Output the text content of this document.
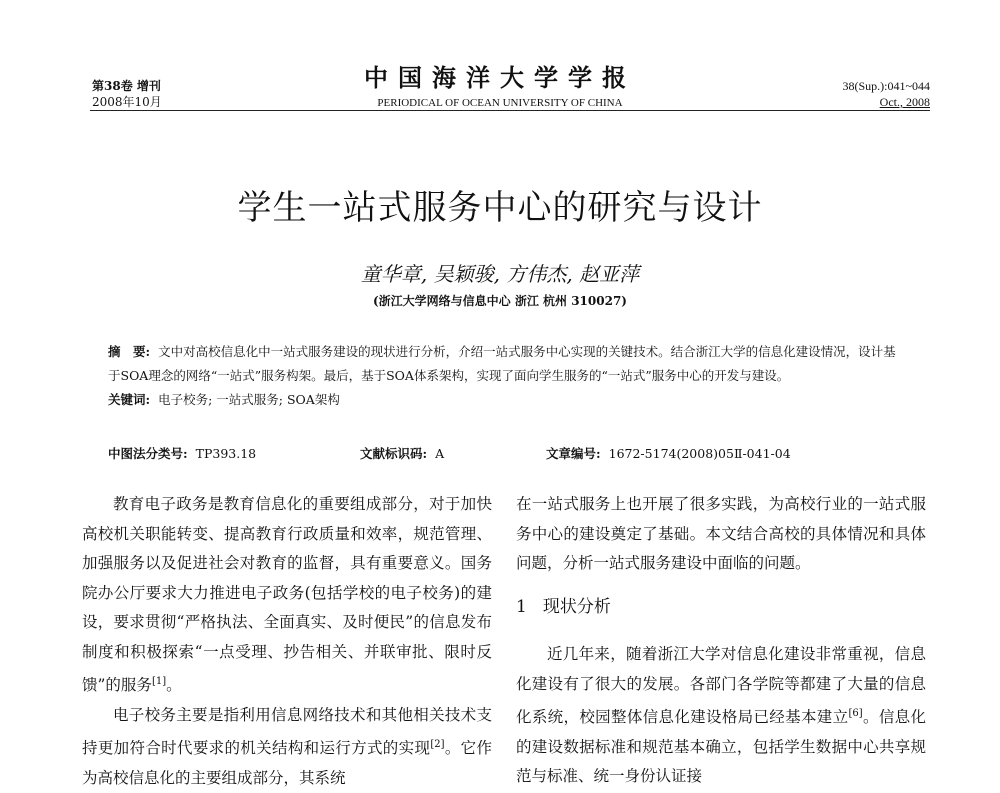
第38卷 增刊
2008年10月
中国海洋大学学报
PERIODICAL OF OCEAN UNIVERSITY OF CHINA
38(Sup.):041~044
Oct., 2008
学生一站式服务中心的研究与设计
童华章, 吴颖骏, 方伟杰, 赵亚萍
(浙江大学网络与信息中心 浙江 杭州 310027)
摘　要: 文中对高校信息化中一站式服务建设的现状进行分析，介绍一站式服务中心实现的关键技术。结合浙江大学的信息化建设情况，设计基于SOA理念的网络“一站式”服务构架。最后，基于SOA体系架构，实现了面向学生服务的“一站式”服务中心的开发与建设。
关键词: 电子校务; 一站式服务; SOA架构
中图法分类号: TP393.18	文献标识码: A	文章编号: 1672-5174(2008)05Ⅱ-041-04

教育电子政务是教育信息化的重要组成部分，对于加快高校机关职能转变、提高教育行政质量和效率，规范管理、加强服务以及促进社会对教育的监督，具有重要意义。国务院办公厅要求大力推进电子政务(包括学校的电子校务)的建设，要求贯彻“严格执法、全面真实、及时便民”的信息发布制度和积极探索“一点受理、抄告相关、并联审批、限时反馈”的服务[1]。

电子校务主要是指利用信息网络技术和其他相关技术支持更加符合时代要求的机关结构和运行方式的实现[2]。它作为高校信息化的主要组成部分，其系统

在一站式服务上也开展了很多实践，为高校行业的一站式服务中心的建设奠定了基础。本文结合高校的具体情况和具体问题，分析一站式服务建设中面临的问题。

1 现状分析

近几年来，随着浙江大学对信息化建设非常重视，信息化建设有了很大的发展。各部门各学院等都建了大量的信息化系统，校园整体信息化建设格局已经基本建立[6]。信息化的建设数据标准和规范基本确立，包括学生数据中心共享规范与标准、统一身份认证接
